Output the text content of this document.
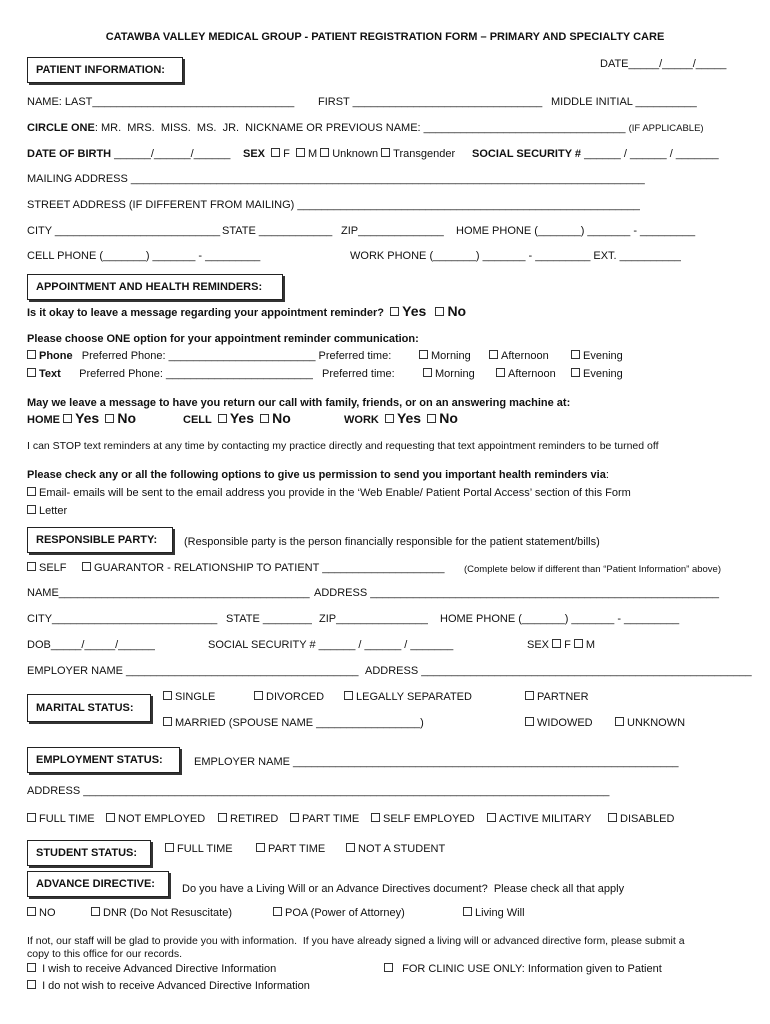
CATAWBA VALLEY MEDICAL GROUP - PATIENT REGISTRATION FORM – PRIMARY AND SPECIALTY CARE
DATE_____/_____/_____
PATIENT INFORMATION:
NAME: LAST_________________________________ FIRST _______________________________ MIDDLE INITIAL __________
CIRCLE ONE: MR.  MRS.  MISS.  MS.  JR.  NICKNAME OR PREVIOUS NAME: _________________________________ (IF APPLICABLE)
DATE OF BIRTH ______/______/______ SEX F M Unknown Transgender SOCIAL SECURITY # ______ / ______ / _______
MAILING ADDRESS ____________________________________________________________________________________
STREET ADDRESS (IF DIFFERENT FROM MAILING) ________________________________________________________
CITY ___________________________ STATE ____________ ZIP______________ HOME PHONE (_______) _______ - _________
CELL PHONE (_______) _______ - _________	WORK PHONE (_______) _______ - _________ EXT. __________
APPOINTMENT AND HEALTH REMINDERS:
Is it okay to leave a message regarding your appointment reminder? Yes No
Please choose ONE option for your appointment reminder communication:
Phone Preferred Phone: ________________________ Preferred time:	Morning	Afternoon	Evening
Text Preferred Phone: ________________________ Preferred time:	Morning	Afternoon	Evening
May we leave a message to have you return our call with family, friends, or on an answering machine at:
HOME Yes No	CELL Yes No	WORK Yes No
I can STOP text reminders at any time by contacting my practice directly and requesting that text appointment reminders to be turned off
Please check any or all the following options to give us permission to send you important health reminders via:
Email- emails will be sent to the email address you provide in the ‘Web Enable/ Patient Portal Access’ section of this Form
Letter
RESPONSIBLE PARTY:	(Responsible party is the person financially responsible for the patient statement/bills)
SELF	GUARANTOR - RELATIONSHIP TO PATIENT ____________________ (Complete below if different than “Patient Information” above)
NAME_________________________________________ ADDRESS _________________________________________________________
CITY___________________________ STATE ________ ZIP_______________ HOME PHONE (_______) _______ - _________
DOB_____/_____/______	SOCIAL SECURITY # ______ / ______ / _______	SEX F M
EMPLOYER NAME ______________________________________ ADDRESS ______________________________________________________
MARITAL STATUS:
SINGLE	DIVORCED	LEGALLY SEPARATED	PARTNER
MARRIED (SPOUSE NAME _________________)	WIDOWED	UNKNOWN
EMPLOYMENT STATUS:	EMPLOYER NAME _______________________________________________________________
ADDRESS ______________________________________________________________________________________
FULL TIME	NOT EMPLOYED	RETIRED	PART TIME	SELF EMPLOYED	ACTIVE MILITARY	DISABLED
STUDENT STATUS:	FULL TIME	PART TIME	NOT A STUDENT
ADVANCE DIRECTIVE:	Do you have a Living Will or an Advance Directives document?  Please check all that apply
NO	DNR (Do Not Resuscitate)	POA (Power of Attorney)	Living Will
If not, our staff will be glad to provide you with information.  If you have already signed a living will or advanced directive form, please submit a
copy to this office for our records.
I wish to receive Advanced Directive Information	FOR CLINIC USE ONLY: Information given to Patient
I do not wish to receive Advanced Directive Information
